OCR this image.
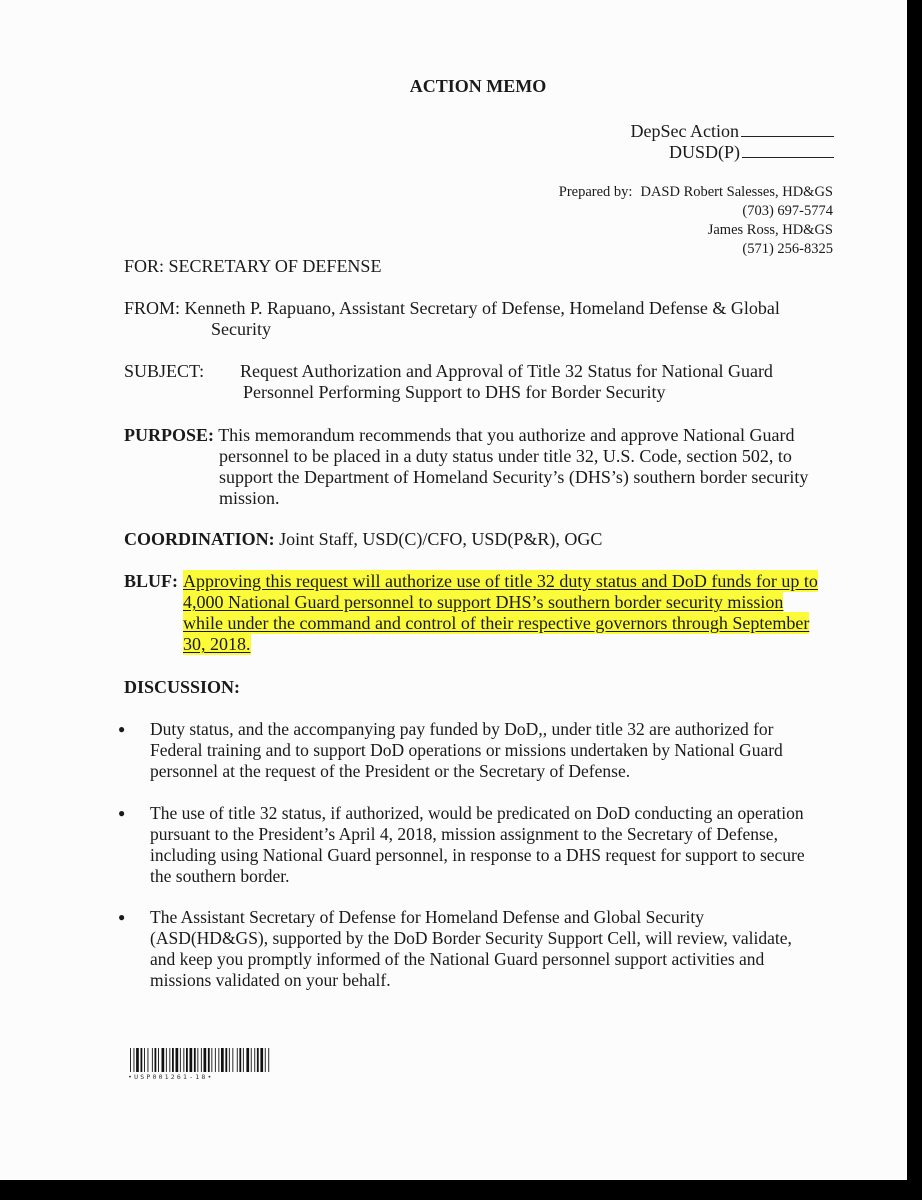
ACTION MEMO

DepSec Action
DUSD(P)
Prepared by: DASD Robert Salesses, HD&GS
(703) 697-5774
James Ross, HD&GS
(571) 256-8325
FOR: SECRETARY OF DEFENSE
FROM: Kenneth P. Rapuano, Assistant Secretary of Defense, Homeland Defense & Global
Security
SUBJECT: Request Authorization and Approval of Title 32 Status for National Guard
Personnel Performing Support to DHS for Border Security
PURPOSE: This memorandum recommends that you authorize and approve National Guard
personnel to be placed in a duty status under title 32, U.S. Code, section 502, to
support the Department of Homeland Security’s (DHS’s) southern border security
mission.
COORDINATION: Joint Staff, USD(C)/CFO, USD(P&R), OGC
BLUF: Approving this request will authorize use of title 32 duty status and DoD funds for up to
4,000 National Guard personnel to support DHS’s southern border security mission
while under the command and control of their respective governors through September
30, 2018.
DISCUSSION:
●	Duty status, and the accompanying pay funded by DoD,, under title 32 are authorized for
Federal training and to support DoD operations or missions undertaken by National Guard
personnel at the request of the President or the Secretary of Defense.
●	The use of title 32 status, if authorized, would be predicated on DoD conducting an operation
pursuant to the President’s April 4, 2018, mission assignment to the Secretary of Defense,
including using National Guard personnel, in response to a DHS request for support to secure
the southern border.
●	The Assistant Secretary of Defense for Homeland Defense and Global Security
(ASD(HD&GS), supported by the DoD Border Security Support Cell, will review, validate,
and keep you promptly informed of the National Guard personnel support activities and
missions validated on your behalf.
•USP001261-18•
